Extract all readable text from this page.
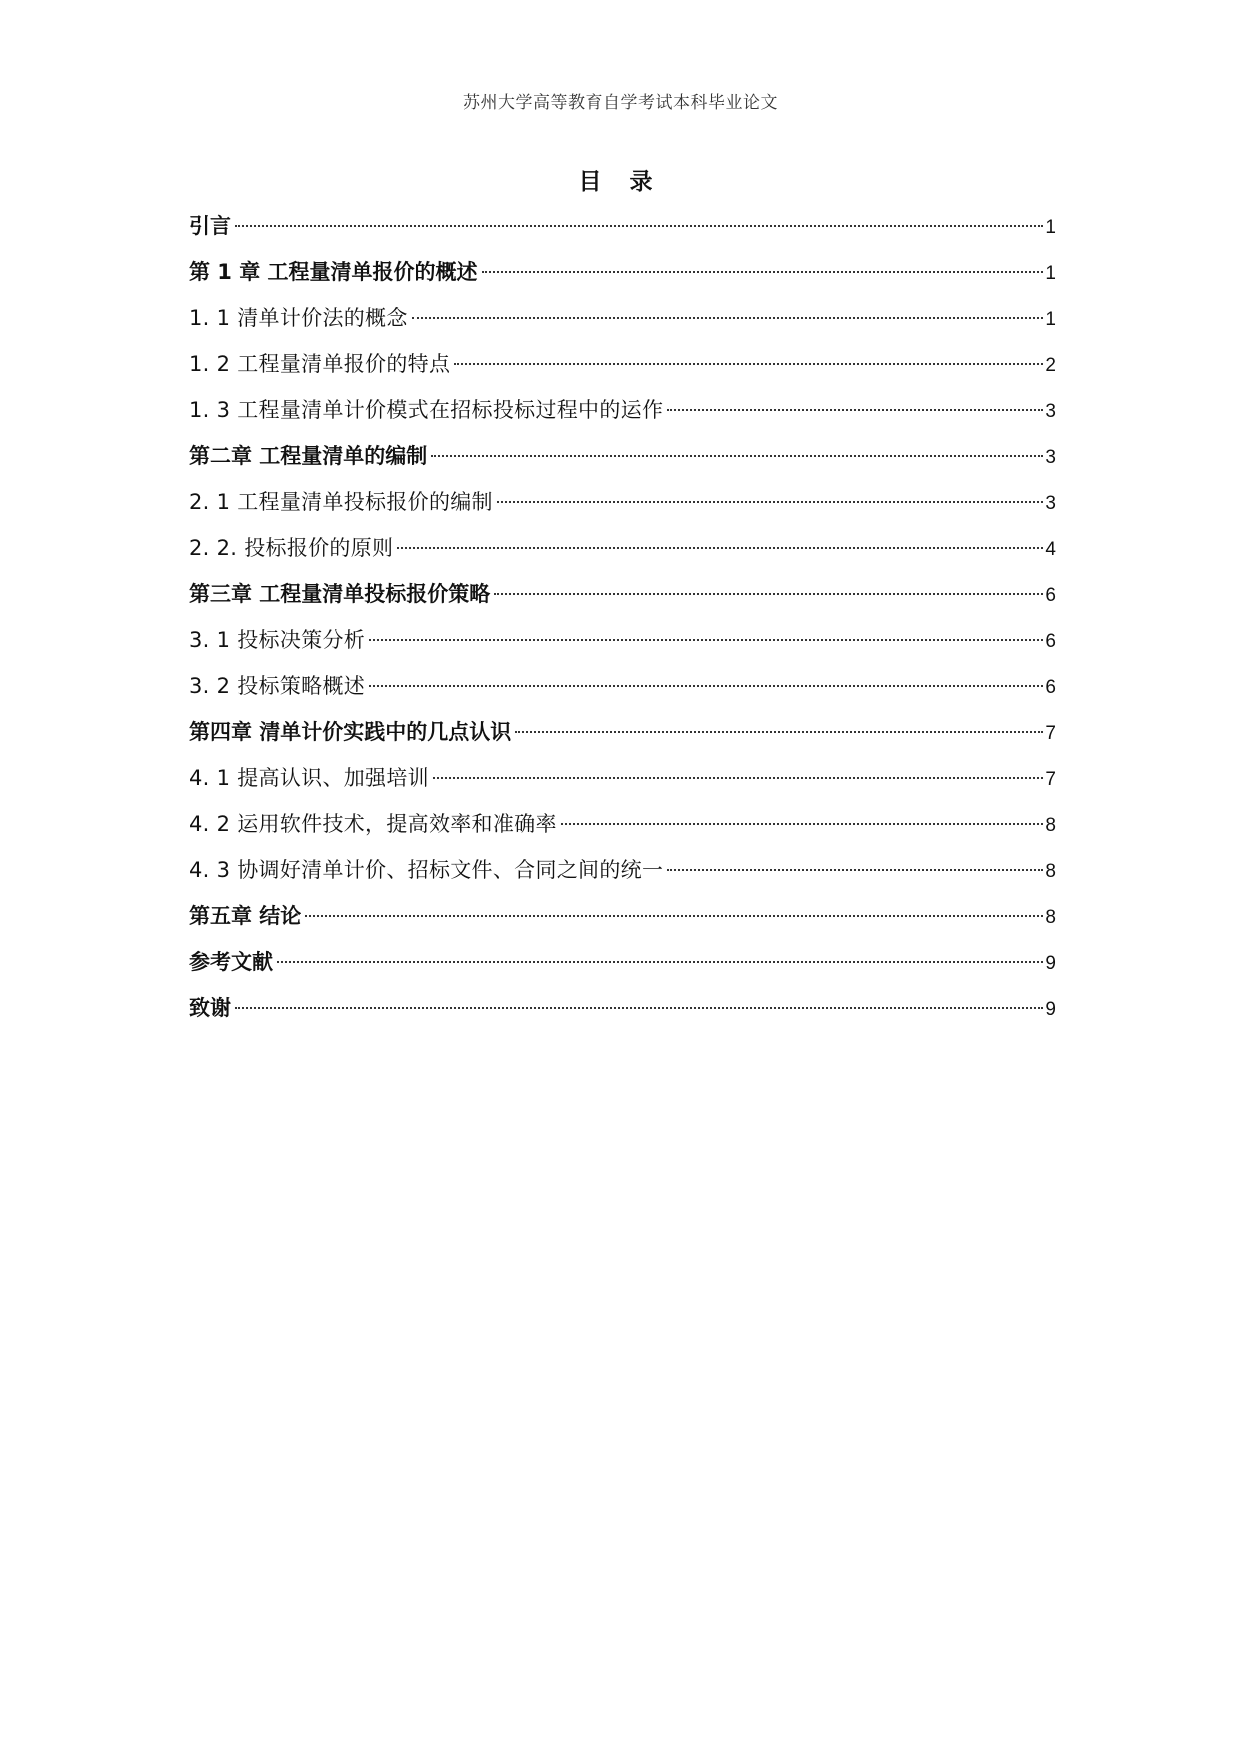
苏州大学高等教育自学考试本科毕业论文
目 录
引言	1
第 1 章 工程量清单报价的概述	1
1. 1 清单计价法的概念	1
1. 2 工程量清单报价的特点	2
1. 3 工程量清单计价模式在招标投标过程中的运作	3
第二章 工程量清单的编制	3
2. 1 工程量清单投标报价的编制	3
2. 2. 投标报价的原则	4
第三章 工程量清单投标报价策略	6
3. 1 投标决策分析	6
3. 2 投标策略概述	6
第四章 清单计价实践中的几点认识	7
4. 1 提高认识、加强培训	7
4. 2 运用软件技术，提高效率和准确率	8
4. 3 协调好清单计价、招标文件、合同之间的统一	8
第五章 结论	8
参考文献	9
致谢	9
